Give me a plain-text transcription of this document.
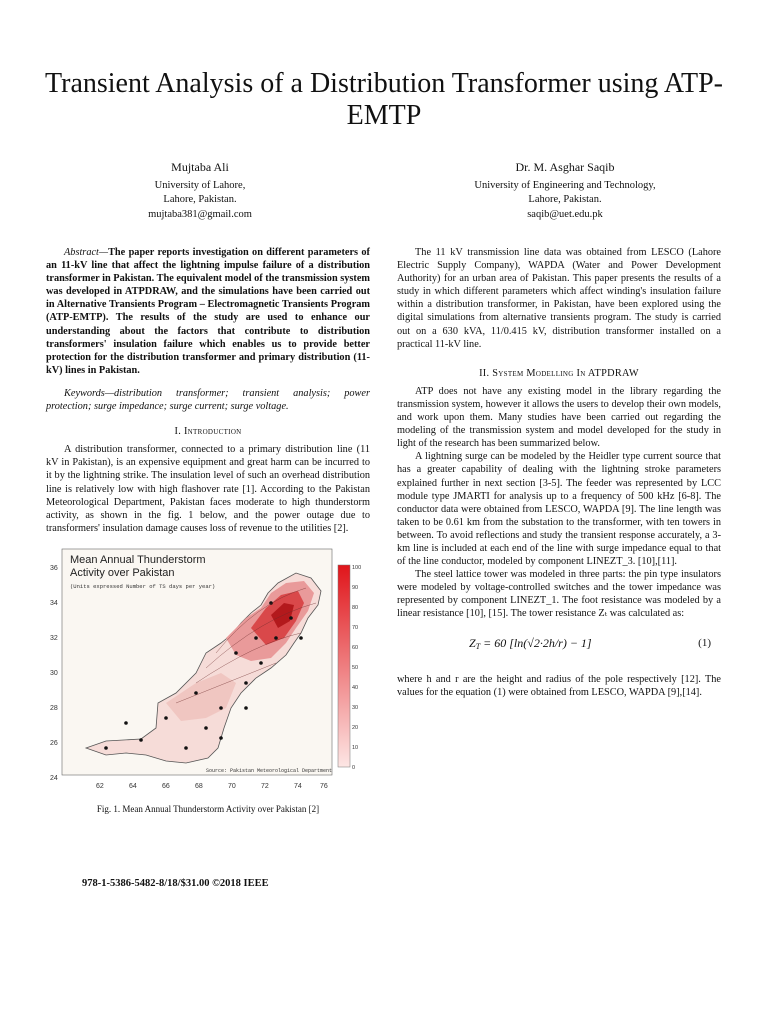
Transient Analysis of a Distribution Transformer using ATP-EMTP
Mujtaba Ali
University of Lahore,
Lahore, Pakistan.
mujtaba381@gmail.com
Dr. M. Asghar Saqib
University of Engineering and Technology,
Lahore, Pakistan.
saqib@uet.edu.pk

Abstract—The paper reports investigation on different parameters of an 11-kV line that affect the lightning impulse failure of a distribution transformer in Pakistan. The equivalent model of the transmission system was developed in ATPDRAW, and the simulations have been carried out in Alternative Transients Program – Electromagnetic Transients Program (ATP-EMTP). The results of the study are used to enhance our understanding about the factors that contribute to distribution transformers' insulation failure which enables us to provide better protection for the distribution transformer and primary distribution (11-kV) lines in Pakistan.

Keywords—distribution transformer; transient analysis; power protection; surge impedance; surge current; surge voltage.

I. Introduction

A distribution transformer, connected to a primary distribution line (11 kV in Pakistan), is an expensive equipment and great harm can be incurred to it by the lightning strike. The insulation level of such an overhead distribution line is relatively low with high flashover rate [1]. According to the Pakistan Meteorological Department, Pakistan faces moderate to high thunderstorm activity, as shown in the fig. 1 below, and the power outage due to transformers' insulation damage causes loss of revenue to the utilities [2].

36
34
32
30
28
26
24
62	64	66	68	70	72	74	76
Mean Annual Thunderstorm
Activity over Pakistan
(Units expressed Number of TS days per year)
Source: Pakistan Meteorological Department
100
90
80
70
60
50
40
30
20
10
0

Fig. 1. Mean Annual Thunderstorm Activity over Pakistan [2]

978-1-5386-5482-8/18/$31.00 ©2018 IEEE

The 11 kV transmission line data was obtained from LESCO (Lahore Electric Supply Company), WAPDA (Water and Power Development Authority) for an urban area of Pakistan. This paper presents the results of a study in which different parameters which affect winding's insulation failure within a distribution transformer, in Pakistan, have been explored using the digital simulations from alternative transients program. The study is carried out on a 630 kVA, 11/0.415 kV, distribution transformer installed on a practical 11-kV line.

II. System Modelling In ATPDRAW

ATP does not have any existing model in the library regarding the transmission system, however it allows the users to develop their own models, and work upon them. Many studies have been carried out regarding the modeling of the transmission system and model developed for the study in light of the research has been summarized below.

A lightning surge can be modeled by the Heidler type current source that has a greater capability of dealing with the lightning stroke parameters explained further in next section [3-5]. The feeder was represented by LCC module type JMARTI for analysis up to a frequency of 500 kHz [6-8]. The conductor data were obtained from LESCO, WAPDA [9]. The line length was taken to be 0.61 km from the substation to the transformer, with ten towers in between. To avoid reflections and study the transient response accurately, a 3-km line is included at each end of the line with surge impedance equal to that of the line conductor, modeled by component LINEZT_3. [10],[11].

The steel lattice tower was modeled in three parts: the pin type insulators were modeled by voltage-controlled switches and the tower impedance was represented by component LINEZT_1. The foot resistance was modeled by a linear resistance [10], [15]. The tower resistance Zₜ was calculated as:

$Z_T = 60$ [ln(√2·2h/r) − 1]	(1)

where h and r are the height and radius of the pole respectively [12]. The values for the equation (1) were obtained from LESCO, WAPDA [9],[14].
